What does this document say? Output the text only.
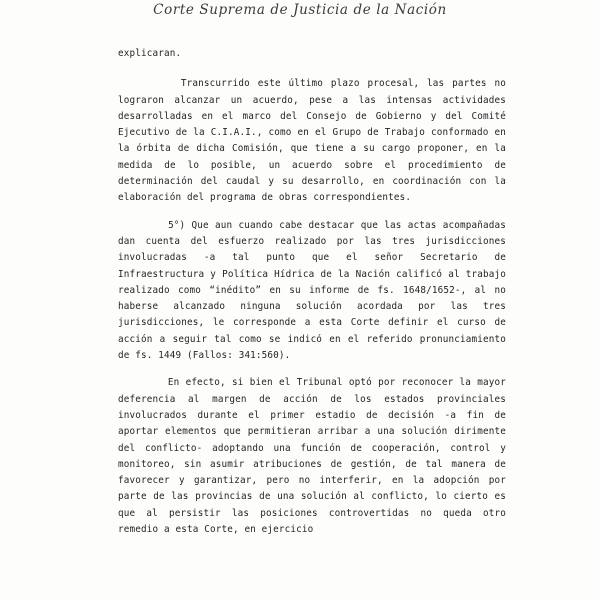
Corte Suprema de Justicia de la Nación

explicaran.

Transcurrido este último plazo procesal, las partes no lograron alcanzar un acuerdo, pese a las intensas actividades desarrolladas en el marco del Consejo de Gobierno y del Comité Ejecutivo de la C.I.A.I., como en el Grupo de Trabajo conformado en la órbita de dicha Comisión, que tiene a su cargo proponer, en la medida de lo posible, un acuerdo sobre el procedimiento de determinación del caudal y su desarrollo, en coordinación con la elaboración del programa de obras correspondientes.

5°) Que aun cuando cabe destacar que las actas acompañadas dan cuenta del esfuerzo realizado por las tres jurisdicciones involucradas -a tal punto que el señor Secretario de Infraestructura y Política Hídrica de la Nación calificó al trabajo realizado como “inédito” en su informe de fs. 1648/1652-, al no haberse alcanzado ninguna solución acordada por las tres jurisdicciones, le corresponde a esta Corte definir el curso de acción a seguir tal como se indicó en el referido pronunciamiento de fs. 1449 (Fallos: 341:560).

En efecto, si bien el Tribunal optó por reconocer la mayor deferencia al margen de acción de los estados provinciales involucrados durante el primer estadio de decisión -a fin de aportar elementos que permitieran arribar a una solución dirimente del conflicto- adoptando una función de cooperación, control y monitoreo, sin asumir atribuciones de gestión, de tal manera de favorecer y garantizar, pero no interferir, en la adopción por parte de las provincias de una solución al conflicto, lo cierto es que al persistir las posiciones controvertidas no queda otro remedio a esta Corte, en ejercicio
